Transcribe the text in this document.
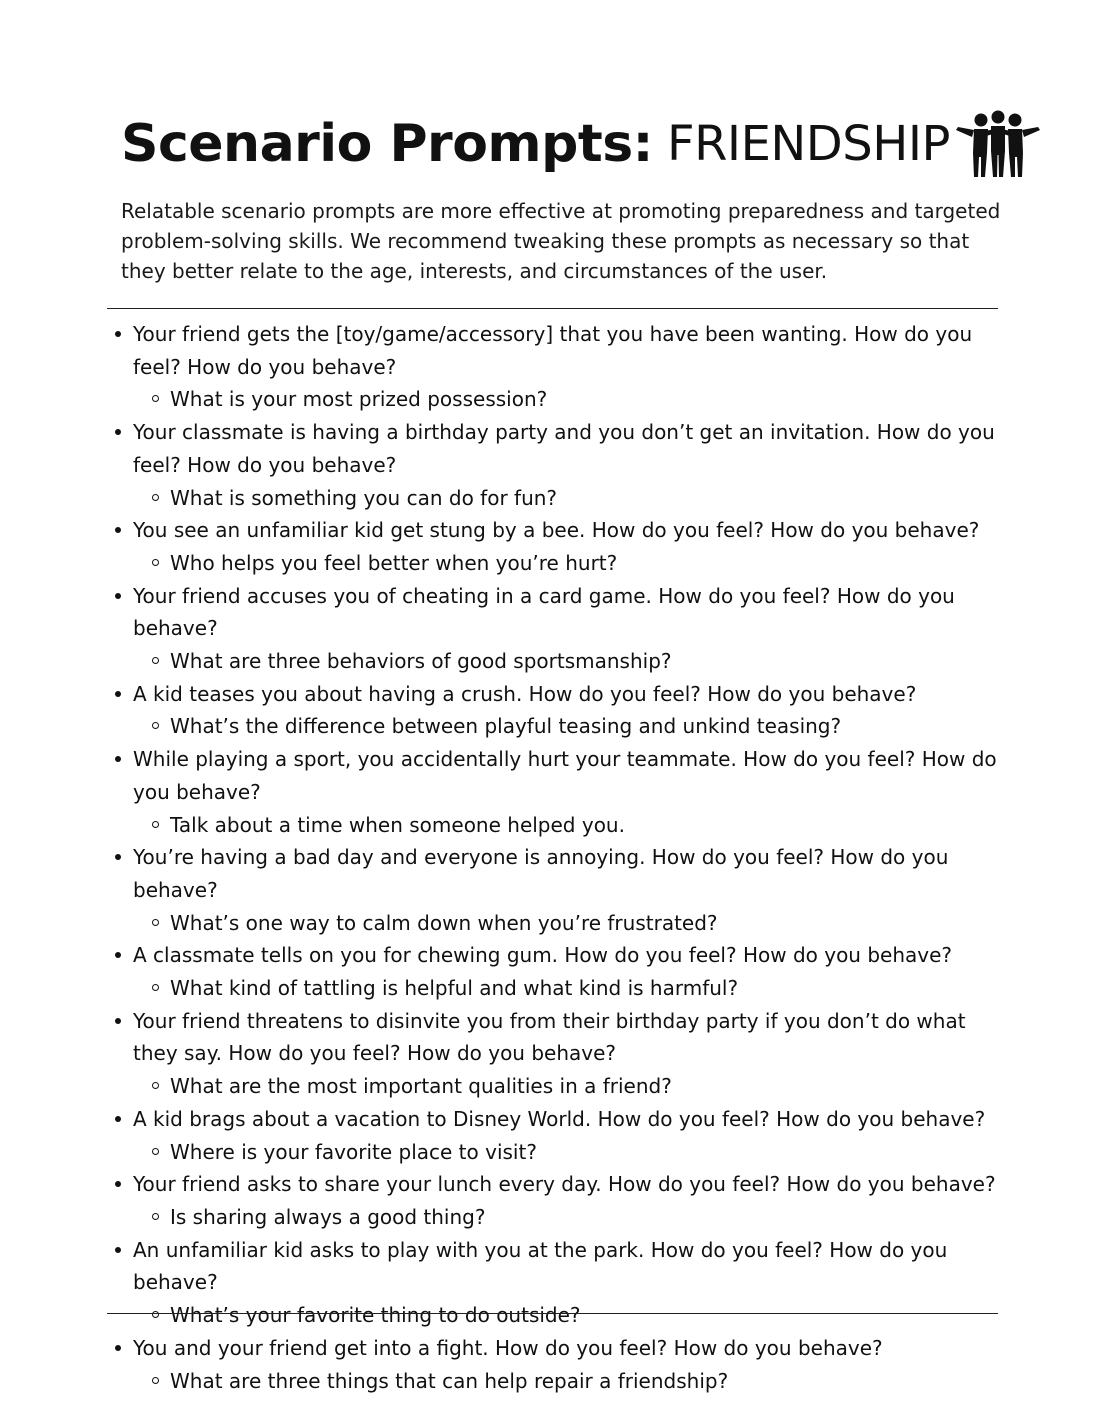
Scenario Prompts: FRIENDSHIP
Relatable scenario prompts are more effective at promoting preparedness and targeted problem-solving skills. We recommend tweaking these prompts as necessary so that they better relate to the age, interests, and circumstances of the user.
Your friend gets the [toy/game/accessory] that you have been wanting. How do you feel? How do you behave?
What is your most prized possession?
Your classmate is having a birthday party and you don’t get an invitation. How do you feel? How do you behave?
What is something you can do for fun?
You see an unfamiliar kid get stung by a bee. How do you feel? How do you behave?
Who helps you feel better when you’re hurt?
Your friend accuses you of cheating in a card game. How do you feel? How do you behave?
What are three behaviors of good sportsmanship?
A kid teases you about having a crush. How do you feel? How do you behave?
What’s the difference between playful teasing and unkind teasing?
While playing a sport, you accidentally hurt your teammate. How do you feel? How do you behave?
Talk about a time when someone helped you.
You’re having a bad day and everyone is annoying. How do you feel? How do you behave?
What’s one way to calm down when you’re frustrated?
A classmate tells on you for chewing gum. How do you feel? How do you behave?
What kind of tattling is helpful and what kind is harmful?
Your friend threatens to disinvite you from their birthday party if you don’t do what they say. How do you feel? How do you behave?
What are the most important qualities in a friend?
A kid brags about a vacation to Disney World. How do you feel? How do you behave?
Where is your favorite place to visit?
Your friend asks to share your lunch every day. How do you feel? How do you behave?
Is sharing always a good thing?
An unfamiliar kid asks to play with you at the park. How do you feel? How do you behave?
What’s your favorite thing to do outside?
You and your friend get into a fight. How do you feel? How do you behave?
What are three things that can help repair a friendship?
